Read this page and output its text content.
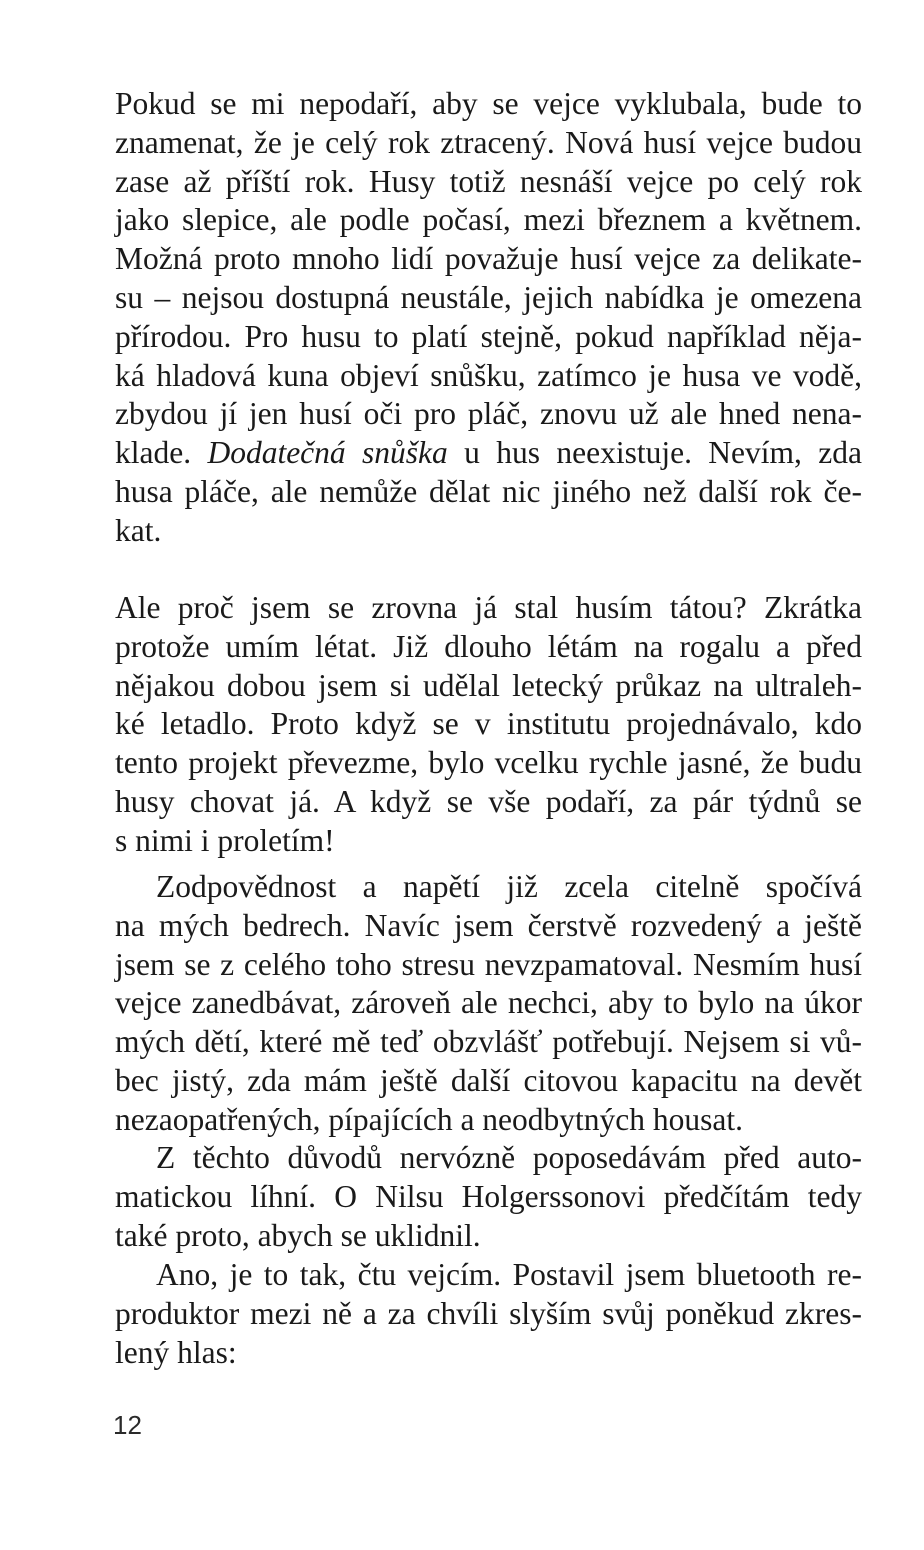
Pokud se mi nepodaří, aby se vejce vyklubala, bude to
znamenat, že je celý rok ztracený. Nová husí vejce budou
zase až příští rok. Husy totiž nesnáší vejce po celý rok
jako slepice, ale podle počasí, mezi březnem a květnem.
Možná proto mnoho lidí považuje husí vejce za delikate-
su – nejsou dostupná neustále, jejich nabídka je omezena
přírodou. Pro husu to platí stejně, pokud například něja-
ká hladová kuna objeví snůšku, zatímco je husa ve vodě,
zbydou jí jen husí oči pro pláč, znovu už ale hned nena-
klade. Dodatečná snůška u hus neexistuje. Nevím, zda
husa pláče, ale nemůže dělat nic jiného než další rok če-
kat.
Ale proč jsem se zrovna já stal husím tátou? Zkrátka
protože umím létat. Již dlouho létám na rogalu a před
nějakou dobou jsem si udělal letecký průkaz na ultraleh-
ké letadlo. Proto když se v institutu projednávalo, kdo
tento projekt převezme, bylo vcelku rychle jasné, že budu
husy chovat já. A když se vše podaří, za pár týdnů se
s nimi i proletím!
Zodpovědnost a napětí již zcela citelně spočívá
na mých bedrech. Navíc jsem čerstvě rozvedený a ještě
jsem se z celého toho stresu nevzpamatoval. Nesmím husí
vejce zanedbávat, zároveň ale nechci, aby to bylo na úkor
mých dětí, které mě teď obzvlášť potřebují. Nejsem si vů-
bec jistý, zda mám ještě další citovou kapacitu na devět
nezaopatřených, pípajících a neodbytných housat.
Z těchto důvodů nervózně poposedávám před auto-
matickou líhní. O Nilsu Holgerssonovi předčítám tedy
také proto, abych se uklidnil.
Ano, je to tak, čtu vejcím. Postavil jsem bluetooth re-
produktor mezi ně a za chvíli slyším svůj poněkud zkres-
lený hlas:
12
